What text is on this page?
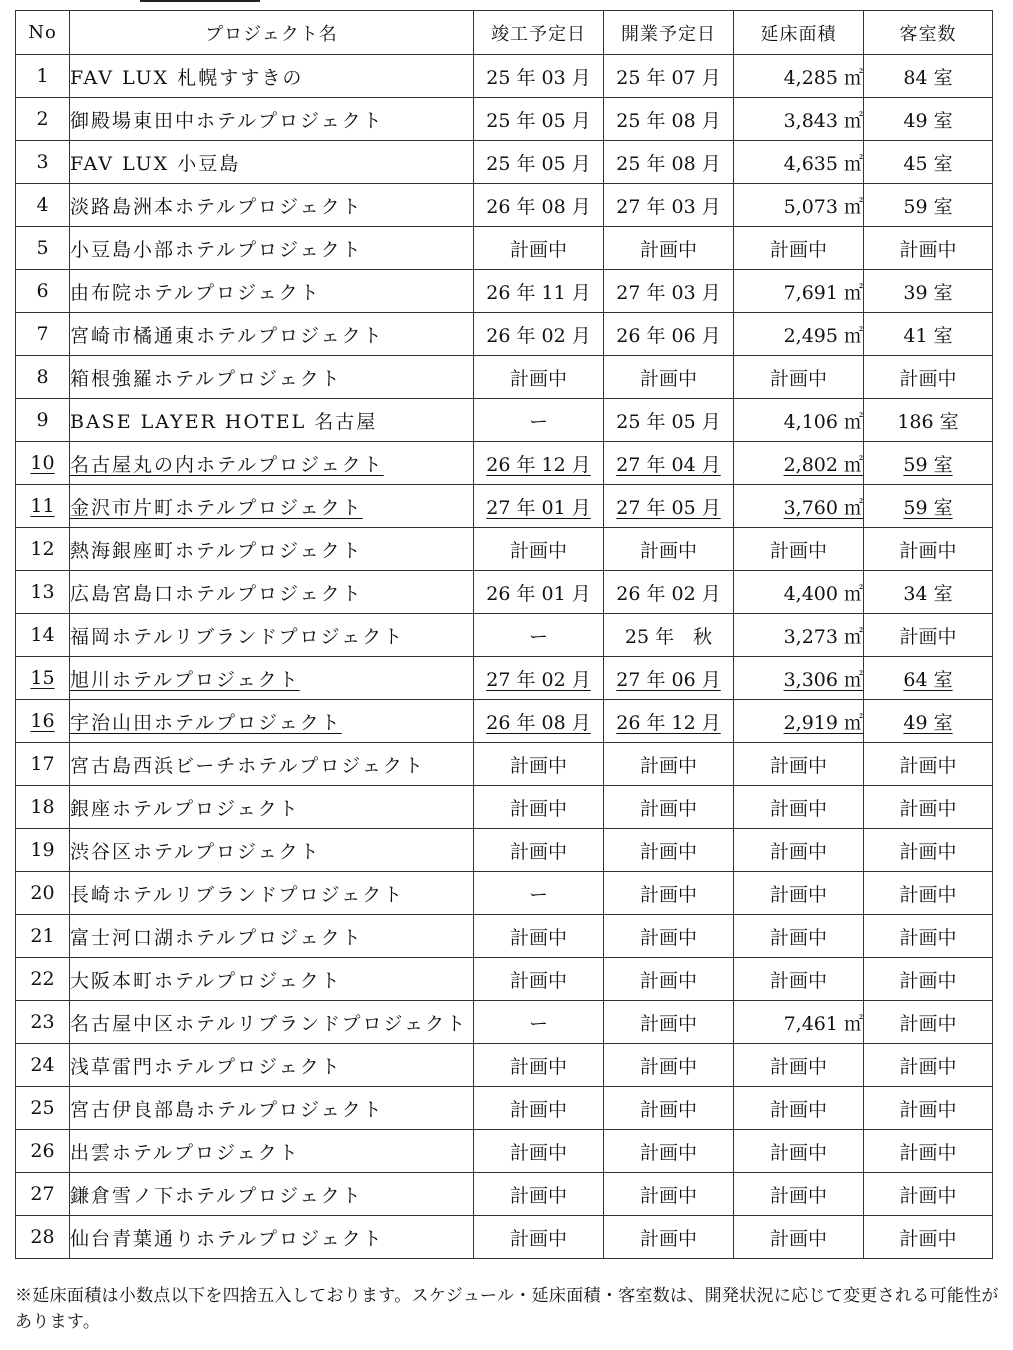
No	プロジェクト名	竣工予定日	開業予定日	延床面積	客室数
1	FAV LUX 札幌すすきの	25 年 03 月	25 年 07 月	4,285 ㎡	84 室
2	御殿場東田中ホテルプロジェクト	25 年 05 月	25 年 08 月	3,843 ㎡	49 室
3	FAV LUX 小豆島	25 年 05 月	25 年 08 月	4,635 ㎡	45 室
4	淡路島洲本ホテルプロジェクト	26 年 08 月	27 年 03 月	5,073 ㎡	59 室
5	小豆島小部ホテルプロジェクト	計画中	計画中	計画中	計画中
6	由布院ホテルプロジェクト	26 年 11 月	27 年 03 月	7,691 ㎡	39 室
7	宮崎市橘通東ホテルプロジェクト	26 年 02 月	26 年 06 月	2,495 ㎡	41 室
8	箱根強羅ホテルプロジェクト	計画中	計画中	計画中	計画中
9	BASE LAYER HOTEL 名古屋	ー	25 年 05 月	4,106 ㎡	186 室
10	名古屋丸の内ホテルプロジェクト	26 年 12 月	27 年 04 月	2,802 ㎡	59 室
11	金沢市片町ホテルプロジェクト	27 年 01 月	27 年 05 月	3,760 ㎡	59 室
12	熱海銀座町ホテルプロジェクト	計画中	計画中	計画中	計画中
13	広島宮島口ホテルプロジェクト	26 年 01 月	26 年 02 月	4,400 ㎡	34 室
14	福岡ホテルリブランドプロジェクト	ー	25 年　秋	3,273 ㎡	計画中
15	旭川ホテルプロジェクト	27 年 02 月	27 年 06 月	3,306 ㎡	64 室
16	宇治山田ホテルプロジェクト	26 年 08 月	26 年 12 月	2,919 ㎡	49 室
17	宮古島西浜ビーチホテルプロジェクト	計画中	計画中	計画中	計画中
18	銀座ホテルプロジェクト	計画中	計画中	計画中	計画中
19	渋谷区ホテルプロジェクト	計画中	計画中	計画中	計画中
20	長崎ホテルリブランドプロジェクト	ー	計画中	計画中	計画中
21	富士河口湖ホテルプロジェクト	計画中	計画中	計画中	計画中
22	大阪本町ホテルプロジェクト	計画中	計画中	計画中	計画中
23	名古屋中区ホテルリブランドプロジェクト	ー	計画中	7,461 ㎡	計画中
24	浅草雷門ホテルプロジェクト	計画中	計画中	計画中	計画中
25	宮古伊良部島ホテルプロジェクト	計画中	計画中	計画中	計画中
26	出雲ホテルプロジェクト	計画中	計画中	計画中	計画中
27	鎌倉雪ノ下ホテルプロジェクト	計画中	計画中	計画中	計画中
28	仙台青葉通りホテルプロジェクト	計画中	計画中	計画中	計画中
※延床面積は小数点以下を四捨五入しております。スケジュール・延床面積・客室数は、開発状況に応じて変更される可能性があります。
